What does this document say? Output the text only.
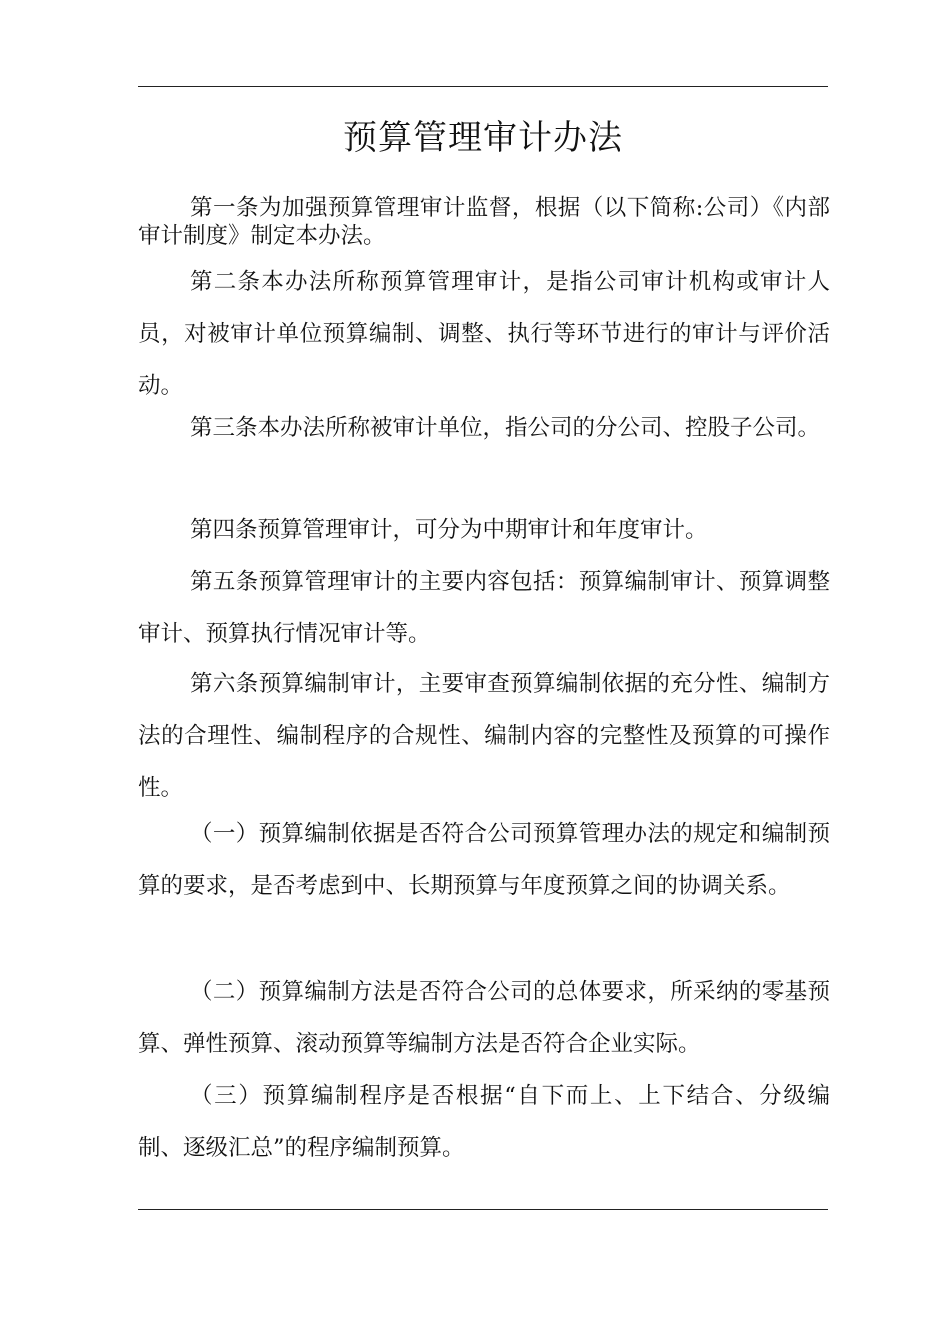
预算管理审计办法
第一条为加强预算管理审计监督，根据（以下简称:公司）《内部审计制度》制定本办法。
第二条本办法所称预算管理审计，是指公司审计机构或审计人员，对被审计单位预算编制、调整、执行等环节进行的审计与评价活动。
第三条本办法所称被审计单位，指公司的分公司、控股子公司。
第四条预算管理审计，可分为中期审计和年度审计。
第五条预算管理审计的主要内容包括：预算编制审计、预算调整审计、预算执行情况审计等。
第六条预算编制审计，主要审查预算编制依据的充分性、编制方法的合理性、编制程序的合规性、编制内容的完整性及预算的可操作性。
（一）预算编制依据是否符合公司预算管理办法的规定和编制预算的要求，是否考虑到中、长期预算与年度预算之间的协调关系。
（二）预算编制方法是否符合公司的总体要求，所采纳的零基预算、弹性预算、滚动预算等编制方法是否符合企业实际。
（三）预算编制程序是否根据“自下而上、上下结合、分级编制、逐级汇总”的程序编制预算。
